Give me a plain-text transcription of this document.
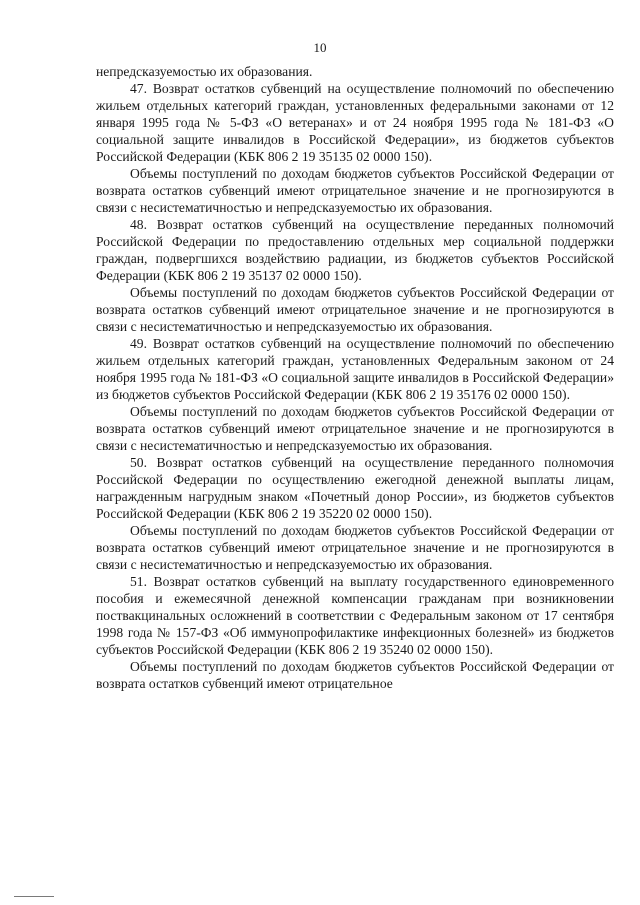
10

непредсказуемостью их образования.

47. Возврат остатков субвенций на осуществление полномочий по обеспечению жильем отдельных категорий граждан, установленных федеральными законами от 12 января 1995 года № 5-ФЗ «О ветеранах» и от 24 ноября 1995 года № 181-ФЗ «О социальной защите инвалидов в Российской Федерации», из бюджетов субъектов Российской Федерации (КБК 806 2 19 35135 02 0000 150).

Объемы поступлений по доходам бюджетов субъектов Российской Федерации от возврата остатков субвенций имеют отрицательное значение и не прогнозируются в связи с несистематичностью и непредсказуемостью их образования.

48. Возврат остатков субвенций на осуществление переданных полномочий Российской Федерации по предоставлению отдельных мер социальной поддержки граждан, подвергшихся воздействию радиации, из бюджетов субъектов Российской Федерации (КБК 806 2 19 35137 02 0000 150).

Объемы поступлений по доходам бюджетов субъектов Российской Федерации от возврата остатков субвенций имеют отрицательное значение и не прогнозируются в связи с несистематичностью и непредсказуемостью их образования.

49. Возврат остатков субвенций на осуществление полномочий по обеспечению жильем отдельных категорий граждан, установленных Федеральным законом от 24 ноября 1995 года № 181-ФЗ «О социальной защите инвалидов в Российской Федерации» из бюджетов субъектов Российской Федерации (КБК 806 2 19 35176 02 0000 150).

Объемы поступлений по доходам бюджетов субъектов Российской Федерации от возврата остатков субвенций имеют отрицательное значение и не прогнозируются в связи с несистематичностью и непредсказуемостью их образования.

50. Возврат остатков субвенций на осуществление переданного полномочия Российской Федерации по осуществлению ежегодной денежной выплаты лицам, награжденным нагрудным знаком «Почетный донор России», из бюджетов субъектов Российской Федерации (КБК 806 2 19 35220 02 0000 150).

Объемы поступлений по доходам бюджетов субъектов Российской Федерации от возврата остатков субвенций имеют отрицательное значение и не прогнозируются в связи с несистематичностью и непредсказуемостью их образования.

51. Возврат остатков субвенций на выплату государственного единовременного пособия и ежемесячной денежной компенсации гражданам при возникновении поствакцинальных осложнений в соответствии с Федеральным законом от 17 сентября 1998 года № 157-ФЗ «Об иммунопрофилактике инфекционных болезней» из бюджетов субъектов Российской Федерации (КБК 806 2 19 35240 02 0000 150).

Объемы поступлений по доходам бюджетов субъектов Российской Федерации от возврата остатков субвенций имеют отрицательное
